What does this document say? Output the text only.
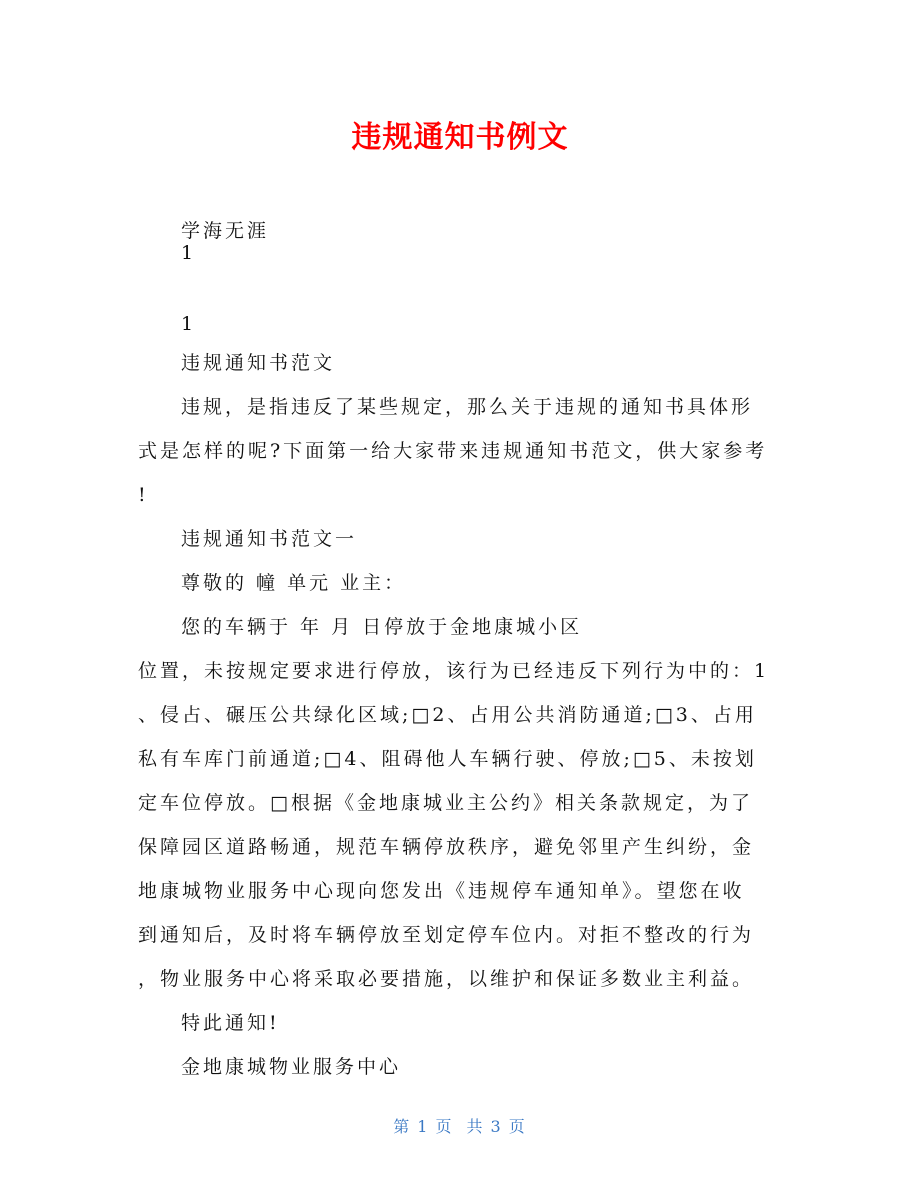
违规通知书例文
学海无涯
1
1
违规通知书范文
违规，是指违反了某些规定，那么关于违规的通知书具体形
式是怎样的呢?下面第一给大家带来违规通知书范文，供大家参考
!
违规通知书范文一
尊敬的 幢 单元 业主：
您的车辆于 年 月 日停放于金地康城小区
位置，未按规定要求进行停放，该行为已经违反下列行为中的：1
、侵占、碾压公共绿化区域;□2、占用公共消防通道;□3、占用
私有车库门前通道;□4、阻碍他人车辆行驶、停放;□5、未按划
定车位停放。□根据《金地康城业主公约》相关条款规定，为了
保障园区道路畅通，规范车辆停放秩序，避免邻里产生纠纷，金
地康城物业服务中心现向您发出《违规停车通知单》。望您在收
到通知后，及时将车辆停放至划定停车位内。对拒不整改的行为
，物业服务中心将采取必要措施，以维护和保证多数业主利益。
特此通知!
金地康城物业服务中心
第 1 页 共 3 页
